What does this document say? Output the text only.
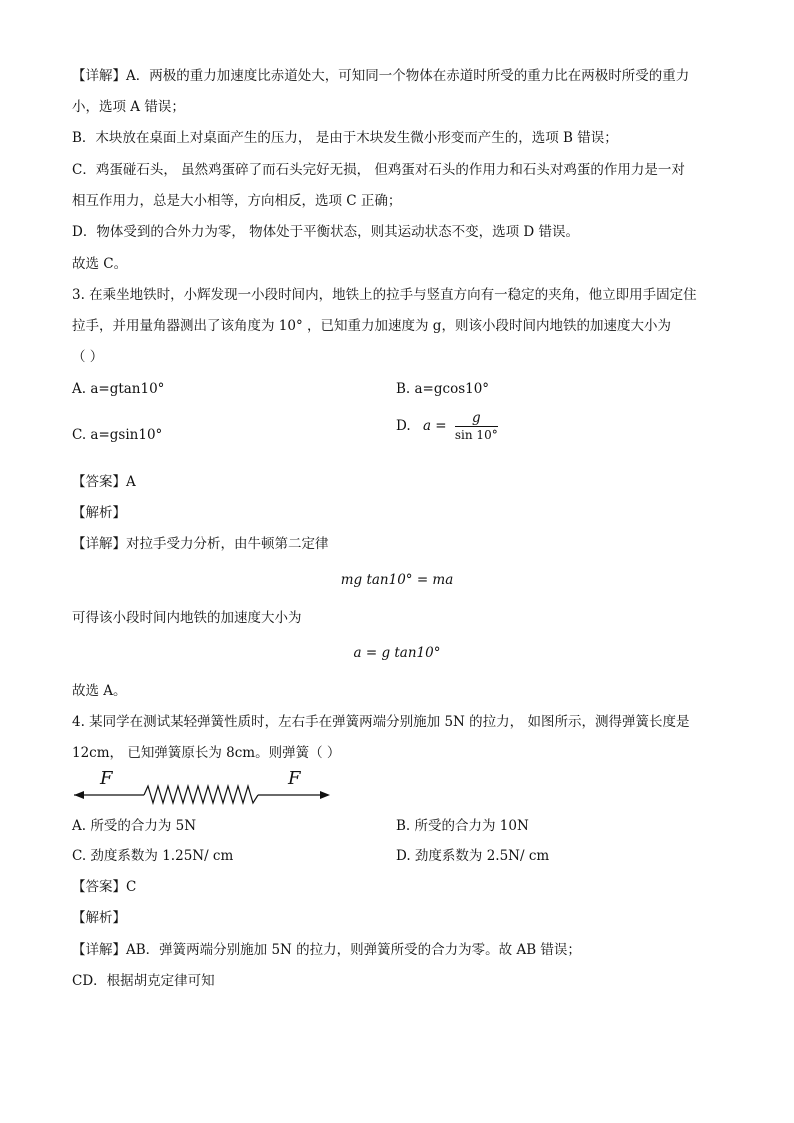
【详解】A．两极的重力加速度比赤道处大，可知同一个物体在赤道时所受的重力比在两极时所受的重力
小，选项 A 错误；
B．木块放在桌面上对桌面产生的压力， 是由于木块发生微小形变而产生的，选项 B 错误；
C．鸡蛋碰石头， 虽然鸡蛋碎了而石头完好无损， 但鸡蛋对石头的作用力和石头对鸡蛋的作用力是一对
相互作用力，总是大小相等，方向相反，选项 C 正确；
D．物体受到的合外力为零， 物体处于平衡状态，则其运动状态不变，选项 D 错误。
故选 C。
3. 在乘坐地铁时，小辉发现一小段时间内，地铁上的拉手与竖直方向有一稳定的夹角，他立即用手固定住
拉手，并用量角器测出了该角度为 10° ，已知重力加速度为 g，则该小段时间内地铁的加速度大小为
（ ）
A. a=gtan10°	B. a=gcos10°
C. a=gsin10°
D. $a = \frac{g}{\sin 10^\circ}$
【答案】A
【解析】
【详解】对拉手受力分析，由牛顿第二定律
mg tan10° = ma
可得该小段时间内地铁的加速度大小为
a = g tan10°
故选 A。
4. 某同学在测试某轻弹簧性质时，左右手在弹簧两端分别施加 5N 的拉力， 如图所示，测得弹簧长度是
12cm， 已知弹簧原长为 8cm。则弹簧（ ）
F	F
A. 所受的合力为 5N	B. 所受的合力为 10N
C. 劲度系数为 1.25N/ cm	D. 劲度系数为 2.5N/ cm
【答案】C
【解析】
【详解】AB．弹簧两端分别施加 5N 的拉力，则弹簧所受的合力为零。故 AB 错误；
CD．根据胡克定律可知
